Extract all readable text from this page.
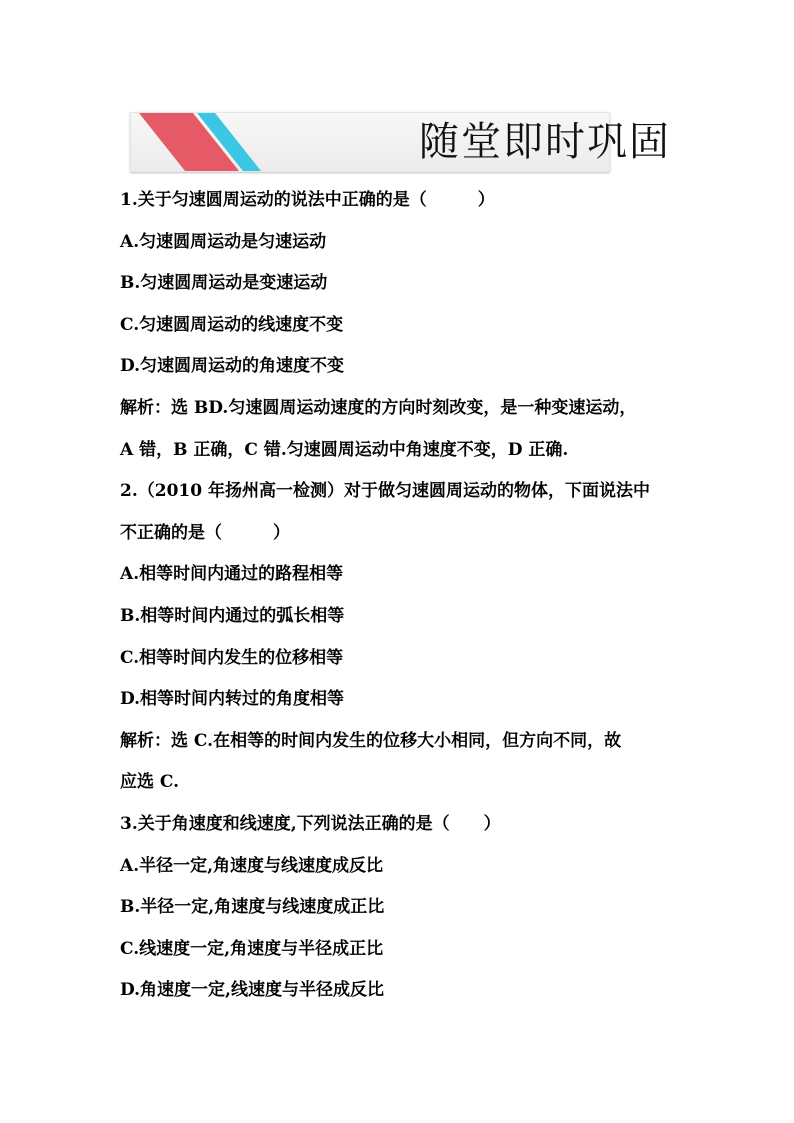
随堂即时巩固
1.关于匀速圆周运动的说法中正确的是（　　　）
A.匀速圆周运动是匀速运动
B.匀速圆周运动是变速运动
C.匀速圆周运动的线速度不变
D.匀速圆周运动的角速度不变
解析：选 BD.匀速圆周运动速度的方向时刻改变，是一种变速运动，
A 错，B 正确，C 错.匀速圆周运动中角速度不变，D 正确.
2.（2010 年扬州高一检测）对于做匀速圆周运动的物体，下面说法中
不正确的是（　　　）
A.相等时间内通过的路程相等
B.相等时间内通过的弧长相等
C.相等时间内发生的位移相等
D.相等时间内转过的角度相等
解析：选 C.在相等的时间内发生的位移大小相同，但方向不同，故
应选 C.
3.关于角速度和线速度,下列说法正确的是（　　）
A.半径一定,角速度与线速度成反比
B.半径一定,角速度与线速度成正比
C.线速度一定,角速度与半径成正比
D.角速度一定,线速度与半径成反比
